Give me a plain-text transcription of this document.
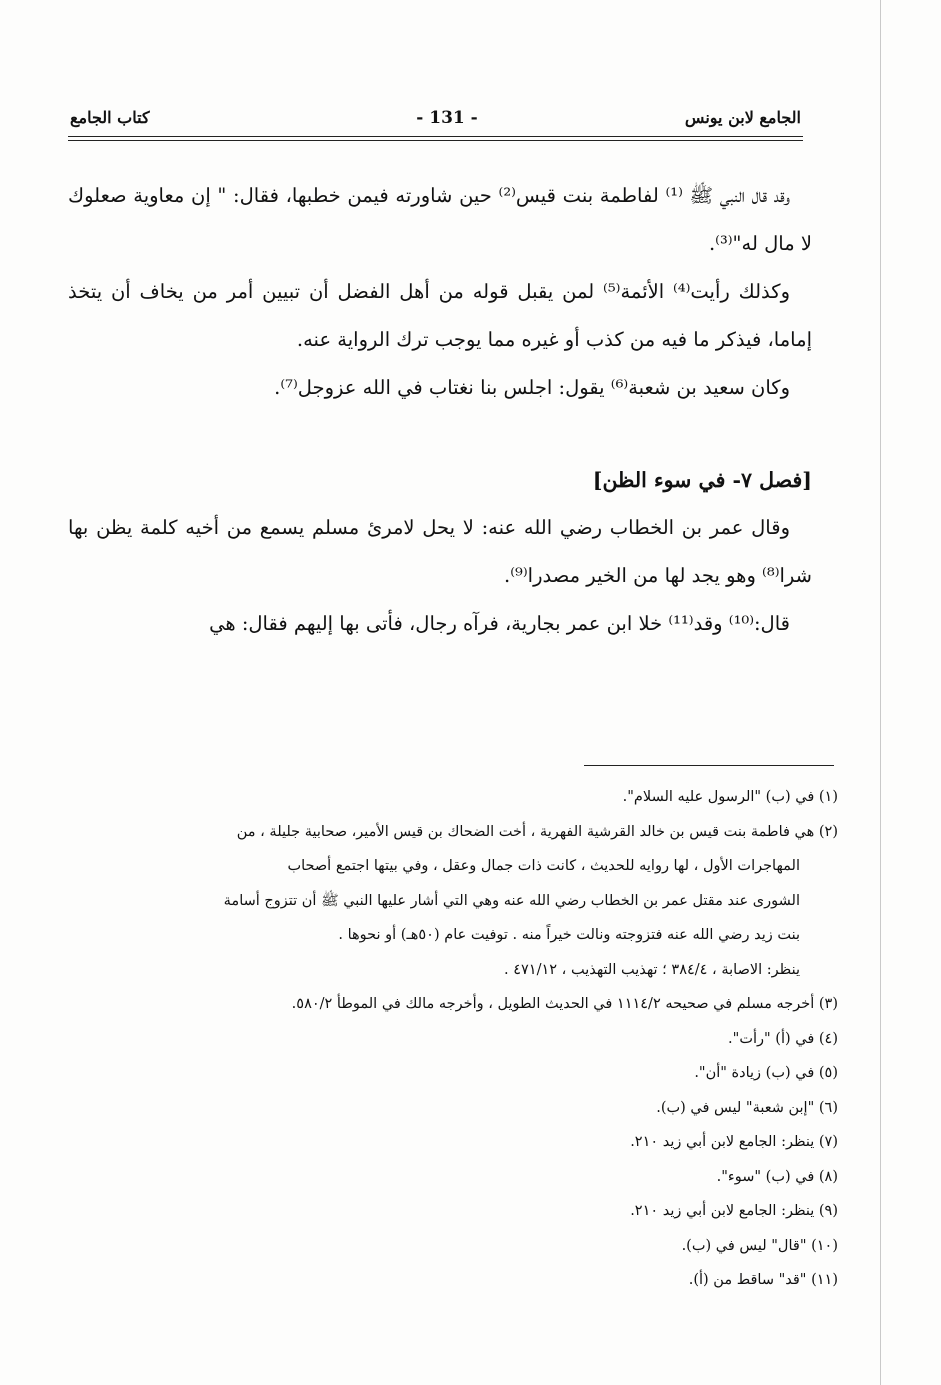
الجامع لابن يونس
- 131 -
كتاب الجامع

وقد قال النبي ﷺ ⁽¹⁾ لفاطمة بنت قيس⁽²⁾ حين شاورته فيمن خطبها، فقال: " إن معاوية صعلوك لا مال له"⁽³⁾.

وكذلك رأيت⁽⁴⁾ الأئمة⁽⁵⁾ لمن يقبل قوله من أهل الفضل أن تبيين أمر من يخاف أن يتخذ إماما، فيذكر ما فيه من كذب أو غيره مما يوجب ترك الرواية عنه.

وكان سعيد بن شعبة⁽⁶⁾ يقول: اجلس بنا نغتاب في الله عزوجل⁽⁷⁾.

[فصل ٧- في سوء الظن]

وقال عمر بن الخطاب رضي الله عنه: لا يحل لامرئ مسلم يسمع من أخيه كلمة يظن بها شرا⁽⁸⁾ وهو يجد لها من الخير مصدرا⁽⁹⁾.

قال:⁽¹⁰⁾ وقد⁽¹¹⁾ خلا ابن عمر بجارية، فرآه رجال، فأتى بها إليهم فقال: هي

(١) في (ب) "الرسول عليه السلام".

(٢) هي فاطمة بنت قيس بن خالد القرشية الفهرية ، أخت الضحاك بن قيس الأمير، صحابية جليلة ، من

المهاجرات الأول ، لها روايه للحديث ، كانت ذات جمال وعقل ، وفي بيتها اجتمع أصحاب

الشورى عند مقتل عمر بن الخطاب رضي الله عنه وهي التي أشار عليها النبي ﷺ أن تتزوج أسامة

بنت زيد رضي الله عنه فتزوجته ونالت خيراً منه . توفيت عام (٥٠هـ) أو نحوها .

ينظر: الاصابة ، ٣٨٤/٤ ؛ تهذيب التهذيب ، ٤٧١/١٢ .

(٣) أخرجه مسلم في صحيحه ١١١٤/٢ في الحديث الطويل ، وأخرجه مالك في الموطأ ٥٨٠/٢.

(٤) في (أ) "رأت".

(٥) في (ب) زيادة "أن".

(٦) "إبن شعبة" ليس في (ب).

(٧) ينظر: الجامع لابن أبي زيد ٢١٠.

(٨) في (ب) "سوء".

(٩) ينظر: الجامع لابن أبي زيد ٢١٠.

(١٠) "قال" ليس في (ب).

(١١) "قد" ساقط من (أ).
